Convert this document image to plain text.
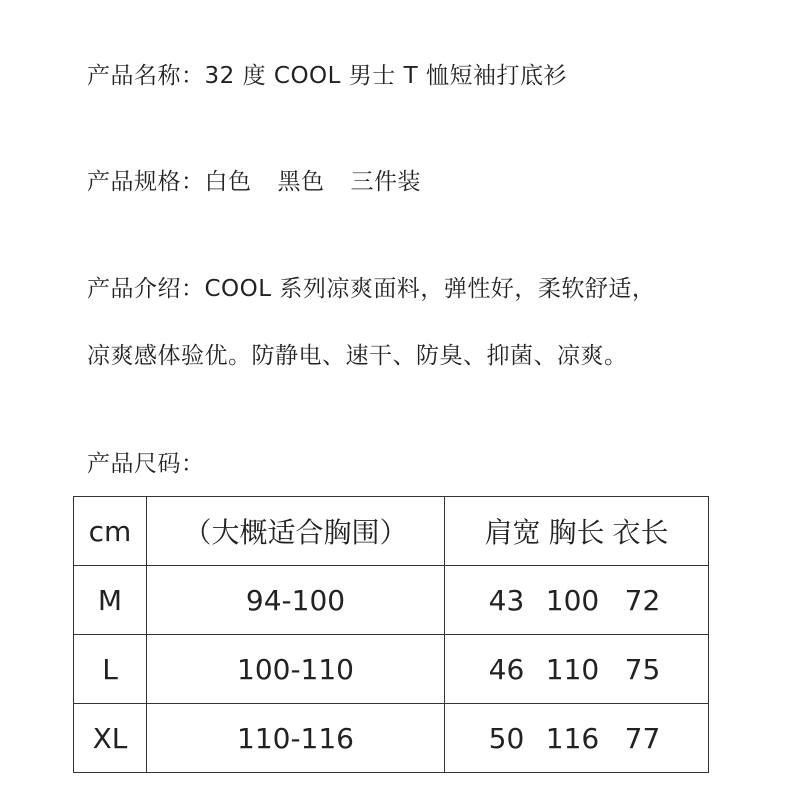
产品名称：32 度 COOL 男士 T 恤短袖打底衫
产品规格：白色 黑色 三件装
产品介绍：COOL 系列凉爽面料，弹性好，柔软舒适，
凉爽感体验优。防静电、速干、防臭、抑菌、凉爽。
产品尺码：
cm	（大概适合胸围）	肩宽 胸长 衣长
M	94-100	43 100 72
L	100-110	46 110 75
XL	110-116	50 116 77
